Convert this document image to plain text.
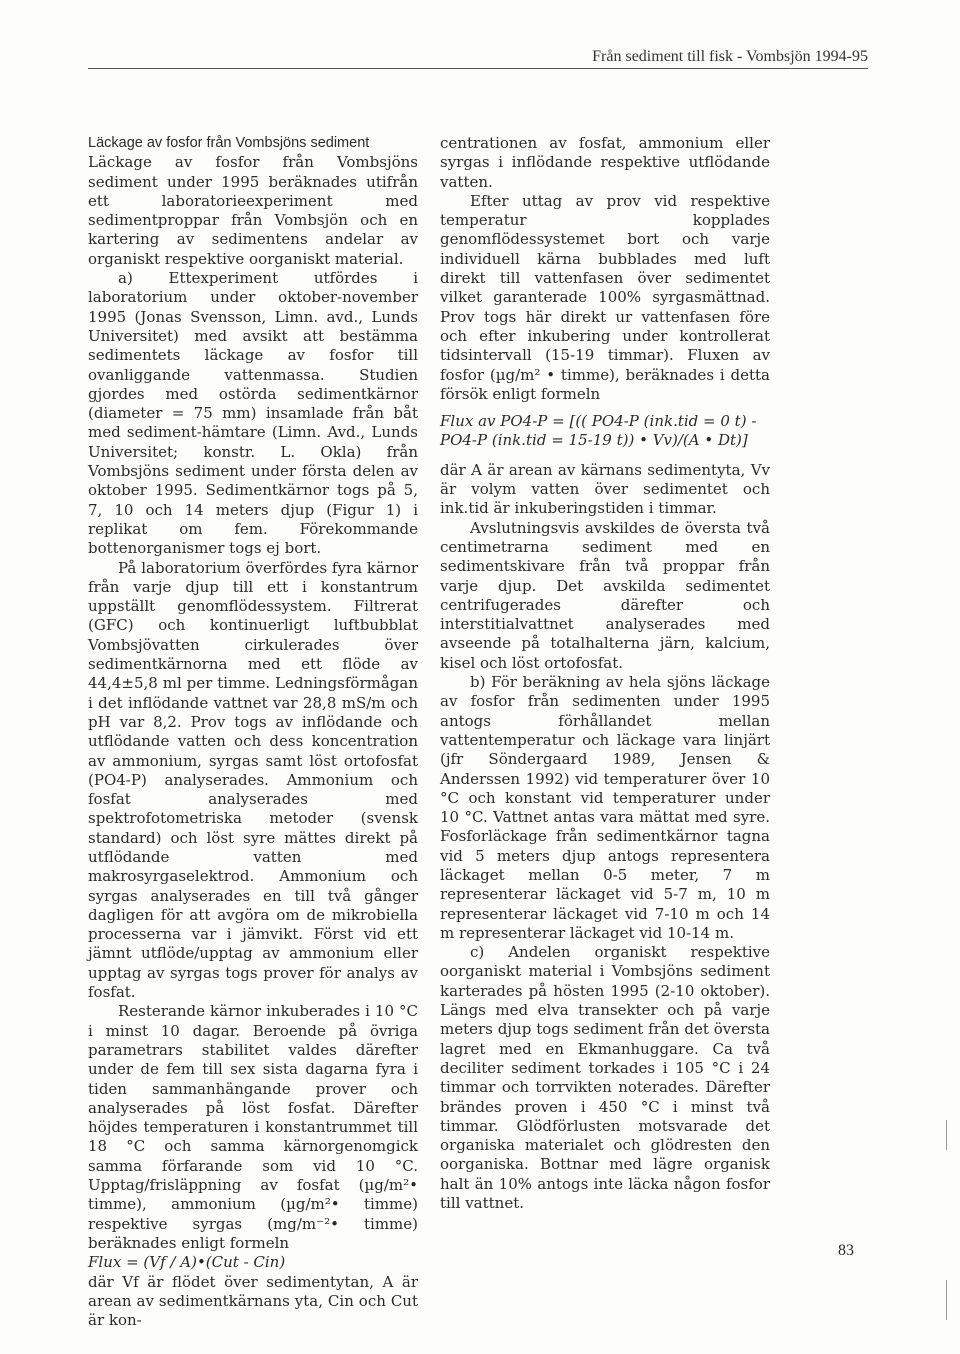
Från sediment till fisk - Vombsjön 1994-95

Läckage av fosfor från Vombsjöns sediment

Läckage av fosfor från Vombsjöns sediment under 1995 beräknades utifrån ett laboratorieexperiment med sedimentproppar från Vombsjön och en kartering av sedimentens andelar av organiskt respektive oorganiskt material.

a) Ettexperiment utfördes i laboratorium under oktober-november 1995 (Jonas Svensson, Limn. avd., Lunds Universitet) med avsikt att bestämma sedimentets läckage av fosfor till ovanliggande vattenmassa. Studien gjordes med ostörda sedimentkärnor (diameter = 75 mm) insamlade från båt med sediment-hämtare (Limn. Avd., Lunds Universitet; konstr. L. Okla) från Vombsjöns sediment under första delen av oktober 1995. Sedimentkärnor togs på 5, 7, 10 och 14 meters djup (Figur 1) i replikat om fem. Förekommande bottenorganismer togs ej bort.

På laboratorium överfördes fyra kärnor från varje djup till ett i konstantrum uppställt genomflödessystem. Filtrerat (GFC) och kontinuerligt luftbubblat Vombsjövatten cirkulerades över sedimentkärnorna med ett flöde av 44,4±5,8 ml per timme. Ledningsförmågan i det inflödande vattnet var 28,8 mS/m och pH var 8,2. Prov togs av inflödande och utflödande vatten och dess koncentration av ammonium, syrgas samt löst ortofosfat (PO4-P) analyserades. Ammonium och fosfat analyserades med spektrofotometriska metoder (svensk standard) och löst syre mättes direkt på utflödande vatten med makrosyrgaselektrod. Ammonium och syrgas analyserades en till två gånger dagligen för att avgöra om de mikrobiella processerna var i jämvikt. Först vid ett jämnt utflöde/upptag av ammonium eller upptag av syrgas togs prover för analys av fosfat.

Resterande kärnor inkuberades i 10 °C i minst 10 dagar. Beroende på övriga parametrars stabilitet valdes därefter under de fem till sex sista dagarna fyra i tiden sammanhängande prover och analyserades på löst fosfat. Därefter höjdes temperaturen i konstantrummet till 18 °C och samma kärnorgenomgick samma förfarande som vid 10 °C. Upptag/frisläppning av fosfat (µg/m²• timme), ammonium (µg/m²• timme) respektive syrgas (mg/m⁻²• timme) beräknades enligt formeln

Flux = (Vf / A)•(Cut - Cin)

där Vf är flödet över sedimentytan, A är arean av sedimentkärnans yta, Cin och Cut är kon-

centrationen av fosfat, ammonium eller syrgas i inflödande respektive utflödande vatten.

Efter uttag av prov vid respektive temperatur kopplades genomflödessystemet bort och varje individuell kärna bubblades med luft direkt till vattenfasen över sedimentet vilket garanterade 100% syrgasmättnad. Prov togs här direkt ur vattenfasen före och efter inkubering under kontrollerat tidsintervall (15-19 timmar). Fluxen av fosfor (µg/m² • timme), beräknades i detta försök enligt formeln

Flux av PO4-P = [(( PO4-P (ink.tid = 0 t) -
PO4-P (ink.tid = 15-19 t)) • Vv)/(A • Dt)]

där A är arean av kärnans sedimentyta, Vv är volym vatten över sedimentet och ink.tid är inkuberingstiden i timmar.

Avslutningsvis avskildes de översta två centimetrarna sediment med en sedimentskivare från två proppar från varje djup. Det avskilda sedimentet centrifugerades därefter och interstitialvattnet analyserades med avseende på totalhalterna järn, kalcium, kisel och löst ortofosfat.

b) För beräkning av hela sjöns läckage av fosfor från sedimenten under 1995 antogs förhållandet mellan vattentemperatur och läckage vara linjärt (jfr Söndergaard 1989, Jensen & Anderssen 1992) vid temperaturer över 10 °C och konstant vid temperaturer under 10 °C. Vattnet antas vara mättat med syre. Fosforläckage från sedimentkärnor tagna vid 5 meters djup antogs representera läckaget mellan 0-5 meter, 7 m representerar läckaget vid 5-7 m, 10 m representerar läckaget vid 7-10 m och 14 m representerar läckaget vid 10-14 m.

c) Andelen organiskt respektive oorganiskt material i Vombsjöns sediment karterades på hösten 1995 (2-10 oktober). Längs med elva transekter och på varje meters djup togs sediment från det översta lagret med en Ekmanhuggare. Ca två deciliter sediment torkades i 105 °C i 24 timmar och torrvikten noterades. Därefter brändes proven i 450 °C i minst två timmar. Glödförlusten motsvarade det organiska materialet och glödresten den oorganiska. Bottnar med lägre organisk halt än 10% antogs inte läcka någon fosfor till vattnet.

83
